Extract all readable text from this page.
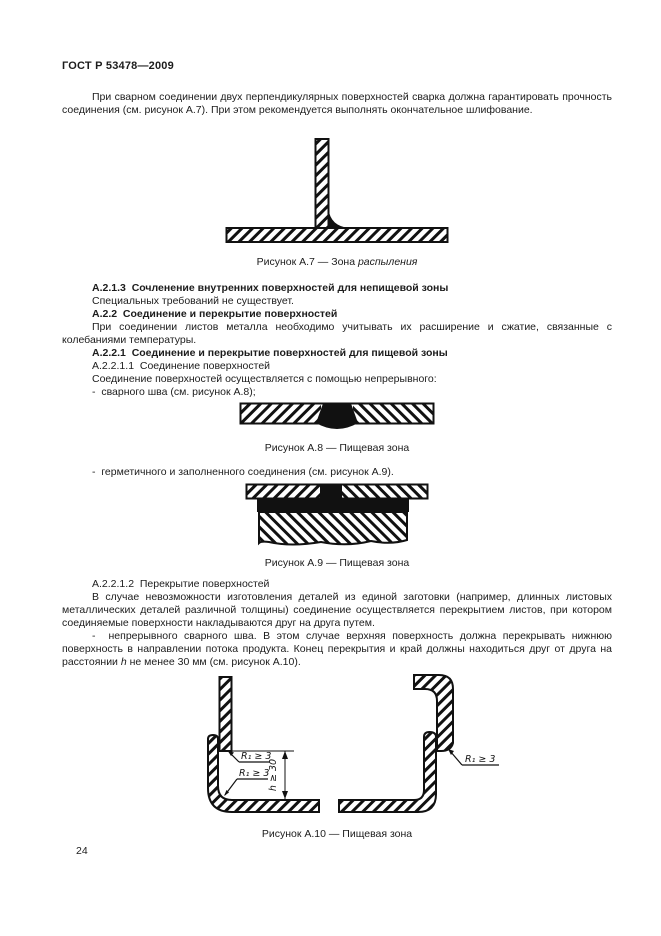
ГОСТ Р 53478—2009

При сварном соединении двух перпендикулярных поверхностей сварка должна гарантировать прочность соединения (см. рисунок А.7). При этом рекомендуется выполнять окончательное шлифование.

Рисунок А.7 — Зона распыления

А.2.1.3  Сочленение внутренних поверхностей для непищевой зоны

Специальных требований не существует.

А.2.2  Соединение и перекрытие поверхностей

При соединении листов металла необходимо учитывать их расширение и сжатие, связанные с колебаниями температуры.

А.2.2.1  Соединение и перекрытие поверхностей для пищевой зоны

А.2.2.1.1  Соединение поверхностей

Соединение поверхностей осуществляется с помощью непрерывного:

-  сварного шва (см. рисунок А.8);

Рисунок А.8 — Пищевая зона

-  герметичного и заполненного соединения (см. рисунок А.9).

Рисунок А.9 — Пищевая зона

А.2.2.1.2  Перекрытие поверхностей

В случае невозможности изготовления деталей из единой заготовки (например, длинных листовых металлических деталей различной толщины) соединение осуществляется перекрытием листов, при котором соединяемые поверхности накладываются друг на друга путем.

-  непрерывного сварного шва. В этом случае верхняя поверхность должна перекрывать нижнюю поверхность в направлении потока продукта. Конец перекрытия и край должны находиться друг от друга на расстоянии h не менее 30 мм (см. рисунок А.10).

h ≥ 30
R₁ ≥ 3
R₁ ≥ 3
R₁ ≥ 3
Рисунок А.10 — Пищевая зона
24
